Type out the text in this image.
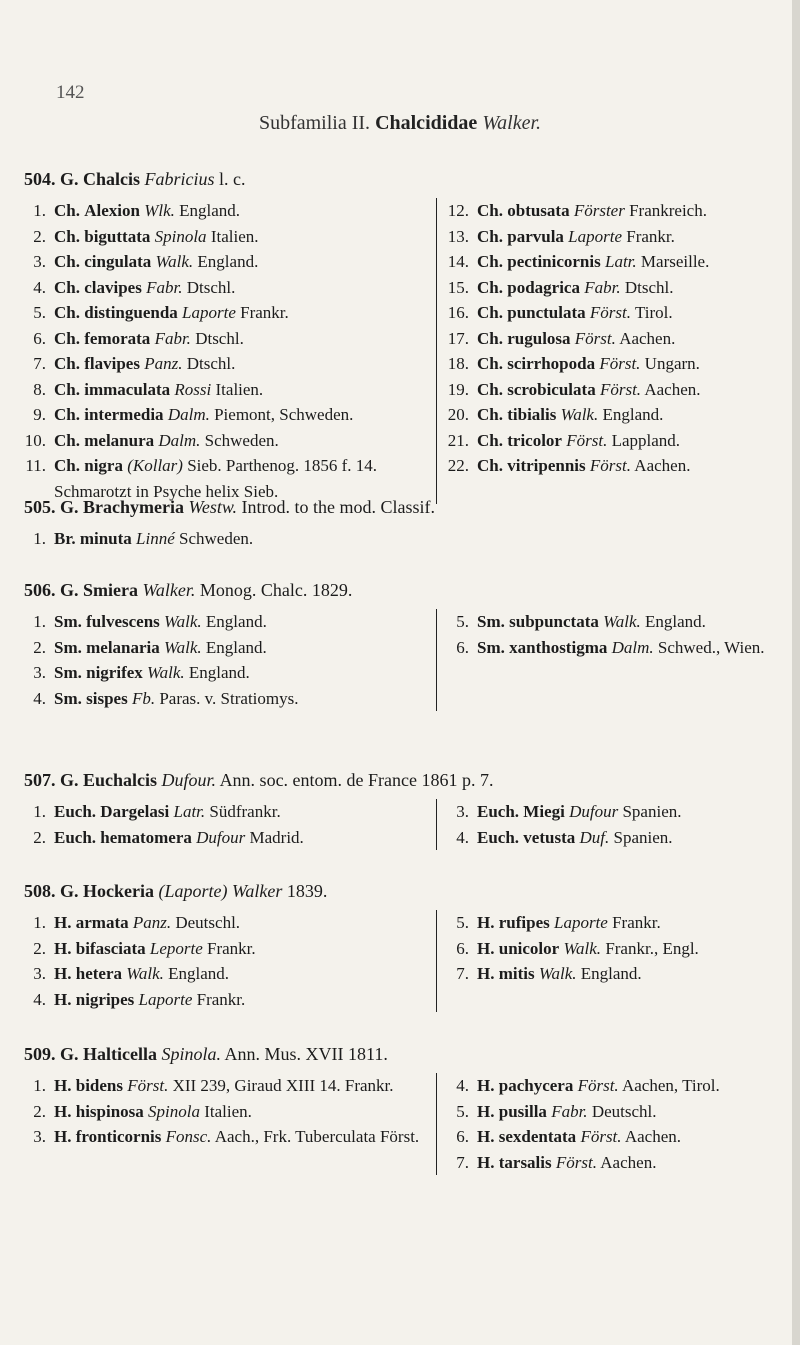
142
Subfamilia II. Chalcididae Walker.
504. G. Chalcis Fabricius l. c.
1. Ch. Alexion Wlk. England.
2. Ch. biguttata Spinola Italien.
3. Ch. cingulata Walk. England.
4. Ch. clavipes Fabr. Dtschl.
5. Ch. distinguenda Laporte Frankr.
6. Ch. femorata Fabr. Dtschl.
7. Ch. flavipes Panz. Dtschl.
8. Ch. immaculata Rossi Italien.
9. Ch. intermedia Dalm. Piemont, Schweden.
10. Ch. melanura Dalm. Schweden.
11. Ch. nigra (Kollar) Sieb. Parthenog. 1856 f. 14. Schmarotzt in Psyche helix Sieb.
12. Ch. obtusata Förster Frankreich.
13. Ch. parvula Laporte Frankr.
14. Ch. pectinicornis Latr. Marseille.
15. Ch. podagrica Fabr. Dtschl.
16. Ch. punctulata Först. Tirol.
17. Ch. rugulosa Först. Aachen.
18. Ch. scirrhopoda Först. Ungarn.
19. Ch. scrobiculata Först. Aachen.
20. Ch. tibialis Walk. England.
21. Ch. tricolor Först. Lappland.
22. Ch. vitripennis Först. Aachen.
505. G. Brachymeria Westw. Introd. to the mod. Classif.
1. Br. minuta Linné Schweden.
506. G. Smiera Walker. Monog. Chalc. 1829.
1. Sm. fulvescens Walk. England.
2. Sm. melanaria Walk. England.
3. Sm. nigrifex Walk. England.
4. Sm. sispes Fb. Paras. v. Stratiomys.
5. Sm. subpunctata Walk. England.
6. Sm. xanthostigma Dalm. Schwed., Wien.
507. G. Euchalcis Dufour. Ann. soc. entom. de France 1861 p. 7.
1. Euch. Dargelasi Latr. Südfrankr.
2. Euch. hematomera Dufour Madrid.
3. Euch. Miegi Dufour Spanien.
4. Euch. vetusta Duf. Spanien.
508. G. Hockeria (Laporte) Walker 1839.
1. H. armata Panz. Deutschl.
2. H. bifasciata Leporte Frankr.
3. H. hetera Walk. England.
4. H. nigripes Laporte Frankr.
5. H. rufipes Laporte Frankr.
6. H. unicolor Walk. Frankr., Engl.
7. H. mitis Walk. England.
509. G. Halticella Spinola. Ann. Mus. XVII 1811.
1. H. bidens Först. XII 239, Giraud XIII 14. Frankr.
2. H. hispinosa Spinola Italien.
3. H. fronticornis Fonsc. Aach., Frk. Tuberculata Först.
4. H. pachycera Först. Aachen, Tirol.
5. H. pusilla Fabr. Deutschl.
6. H. sexdentata Först. Aachen.
7. H. tarsalis Först. Aachen.
